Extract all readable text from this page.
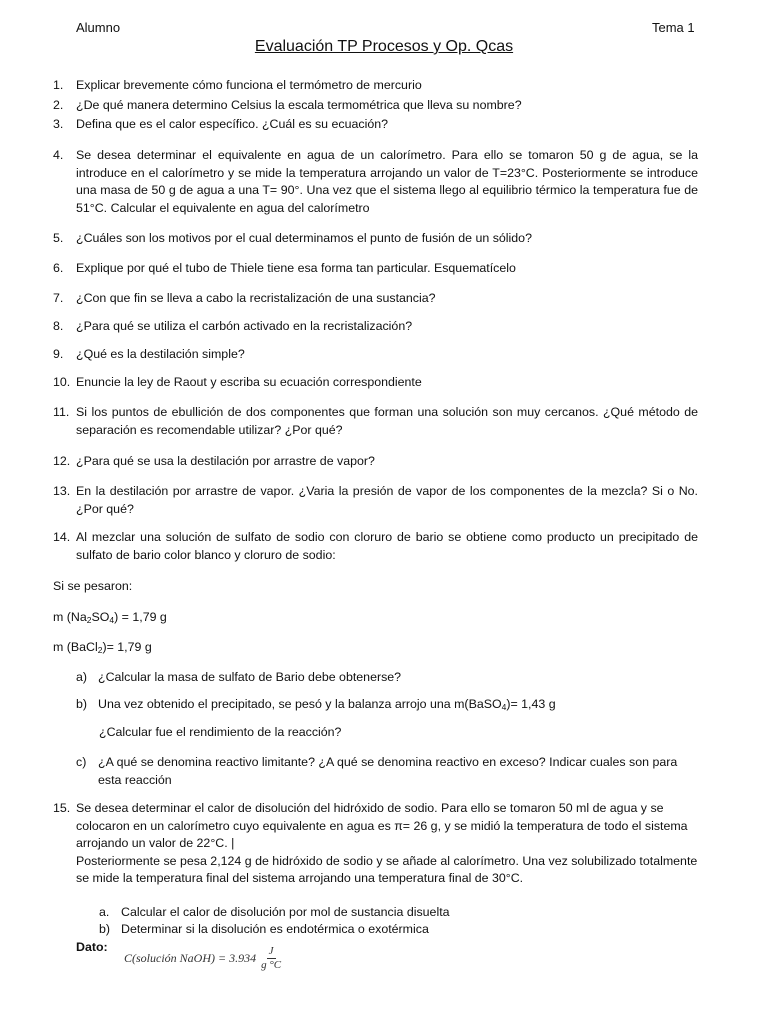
Alumno	Tema 1
Evaluación TP Procesos y Op. Qcas
1.	Explicar brevemente cómo funciona el termómetro de mercurio
2.	¿De qué manera determino Celsius la escala termométrica que lleva su nombre?
3.	Defina que es el calor específico. ¿Cuál es su ecuación?
4.	Se desea determinar el equivalente en agua de un calorímetro. Para ello se tomaron 50 g de agua, se la introduce en el calorímetro y se mide la temperatura arrojando un valor de T=23°C. Posteriormente se introduce una masa de 50 g de agua a una T= 90°. Una vez que el sistema llego al equilibrio térmico la temperatura fue de 51°C. Calcular el equivalente en agua del calorímetro
5.	¿Cuáles son los motivos por el cual determinamos el punto de fusión de un sólido?
6.	Explique por qué el tubo de Thiele tiene esa forma tan particular. Esquematícelo
7.	¿Con que fin se lleva a cabo la recristalización de una sustancia?
8.	¿Para qué se utiliza el carbón activado en la recristalización?
9.	¿Qué es la destilación simple?
10. Enuncie la ley de Raout y escriba su ecuación correspondiente
11. Si los puntos de ebullición de dos componentes que forman una solución son muy cercanos. ¿Qué método de separación es recomendable utilizar? ¿Por qué?
12. ¿Para qué se usa la destilación por arrastre de vapor?
13. En la destilación por arrastre de vapor. ¿Varia la presión de vapor de los componentes de la mezcla? Si o No. ¿Por qué?
14. Al mezclar una solución de sulfato de sodio con cloruro de bario se obtiene como producto un precipitado de sulfato de bario color blanco y cloruro de sodio:
Si se pesaron:
m (Na2SO4) = 1,79 g
m (BaCl2)= 1,79 g
a) ¿Calcular la masa de sulfato de Bario debe obtenerse?
b) Una vez obtenido el precipitado, se pesó y la balanza arrojo una m(BaSO4)= 1,43 g
¿Calcular fue el rendimiento de la reacción?
c) ¿A qué se denomina reactivo limitante? ¿A qué se denomina reactivo en exceso? Indicar cuales son para esta reacción
15. Se desea determinar el calor de disolución del hidróxido de sodio. Para ello se tomaron 50 ml de agua y se colocaron en un calorímetro cuyo equivalente en agua es π= 26 g, y se midió la temperatura de todo el sistema arrojando un valor de 22°C. |
Posteriormente se pesa 2,124 g de hidróxido de sodio y se añade al calorímetro. Una vez solubilizado totalmente se mide la temperatura final del sistema arrojando una temperatura final de 30°C.
a. Calcular el calor de disolución por mol de sustancia disuelta
b) Determinar si la disolución es endotérmica o exotérmica
Dato:
C(solución NaOH) = $3.934 \frac{J}{g ^\circ C}$
